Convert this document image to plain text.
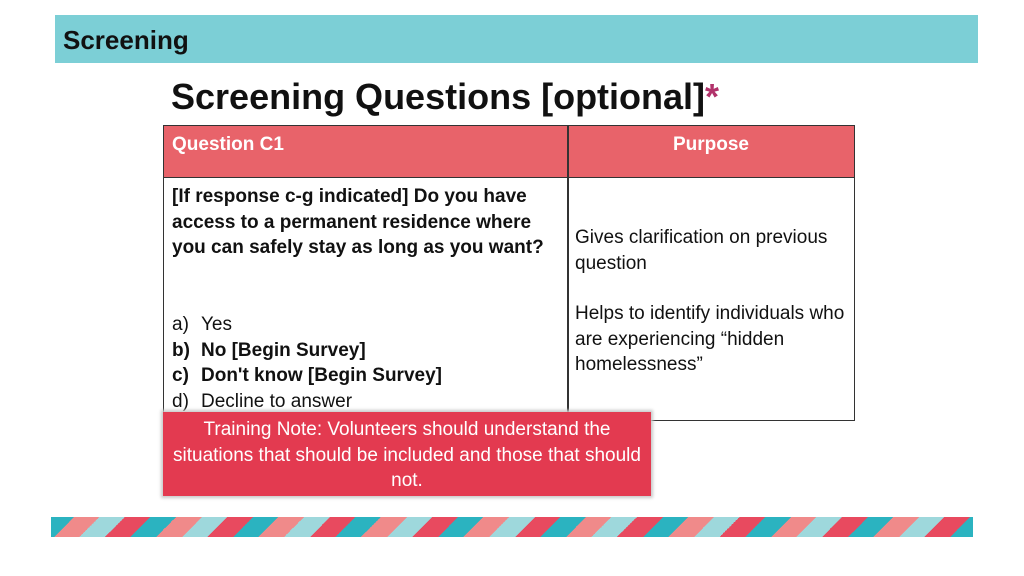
Screening
Screening Questions [optional]*
Question C1	Purpose
[If response c-g indicated] Do you have access to a permanent residence where you can safely stay as long as you want?
a) Yes
b) No [Begin Survey]
c) Don't know [Begin Survey]
d) Decline to answer

Gives clarification on previous question

Helps to identify individuals who are experiencing “hidden homelessness”

Training Note: Volunteers should understand the situations that should be included and those that should not.
